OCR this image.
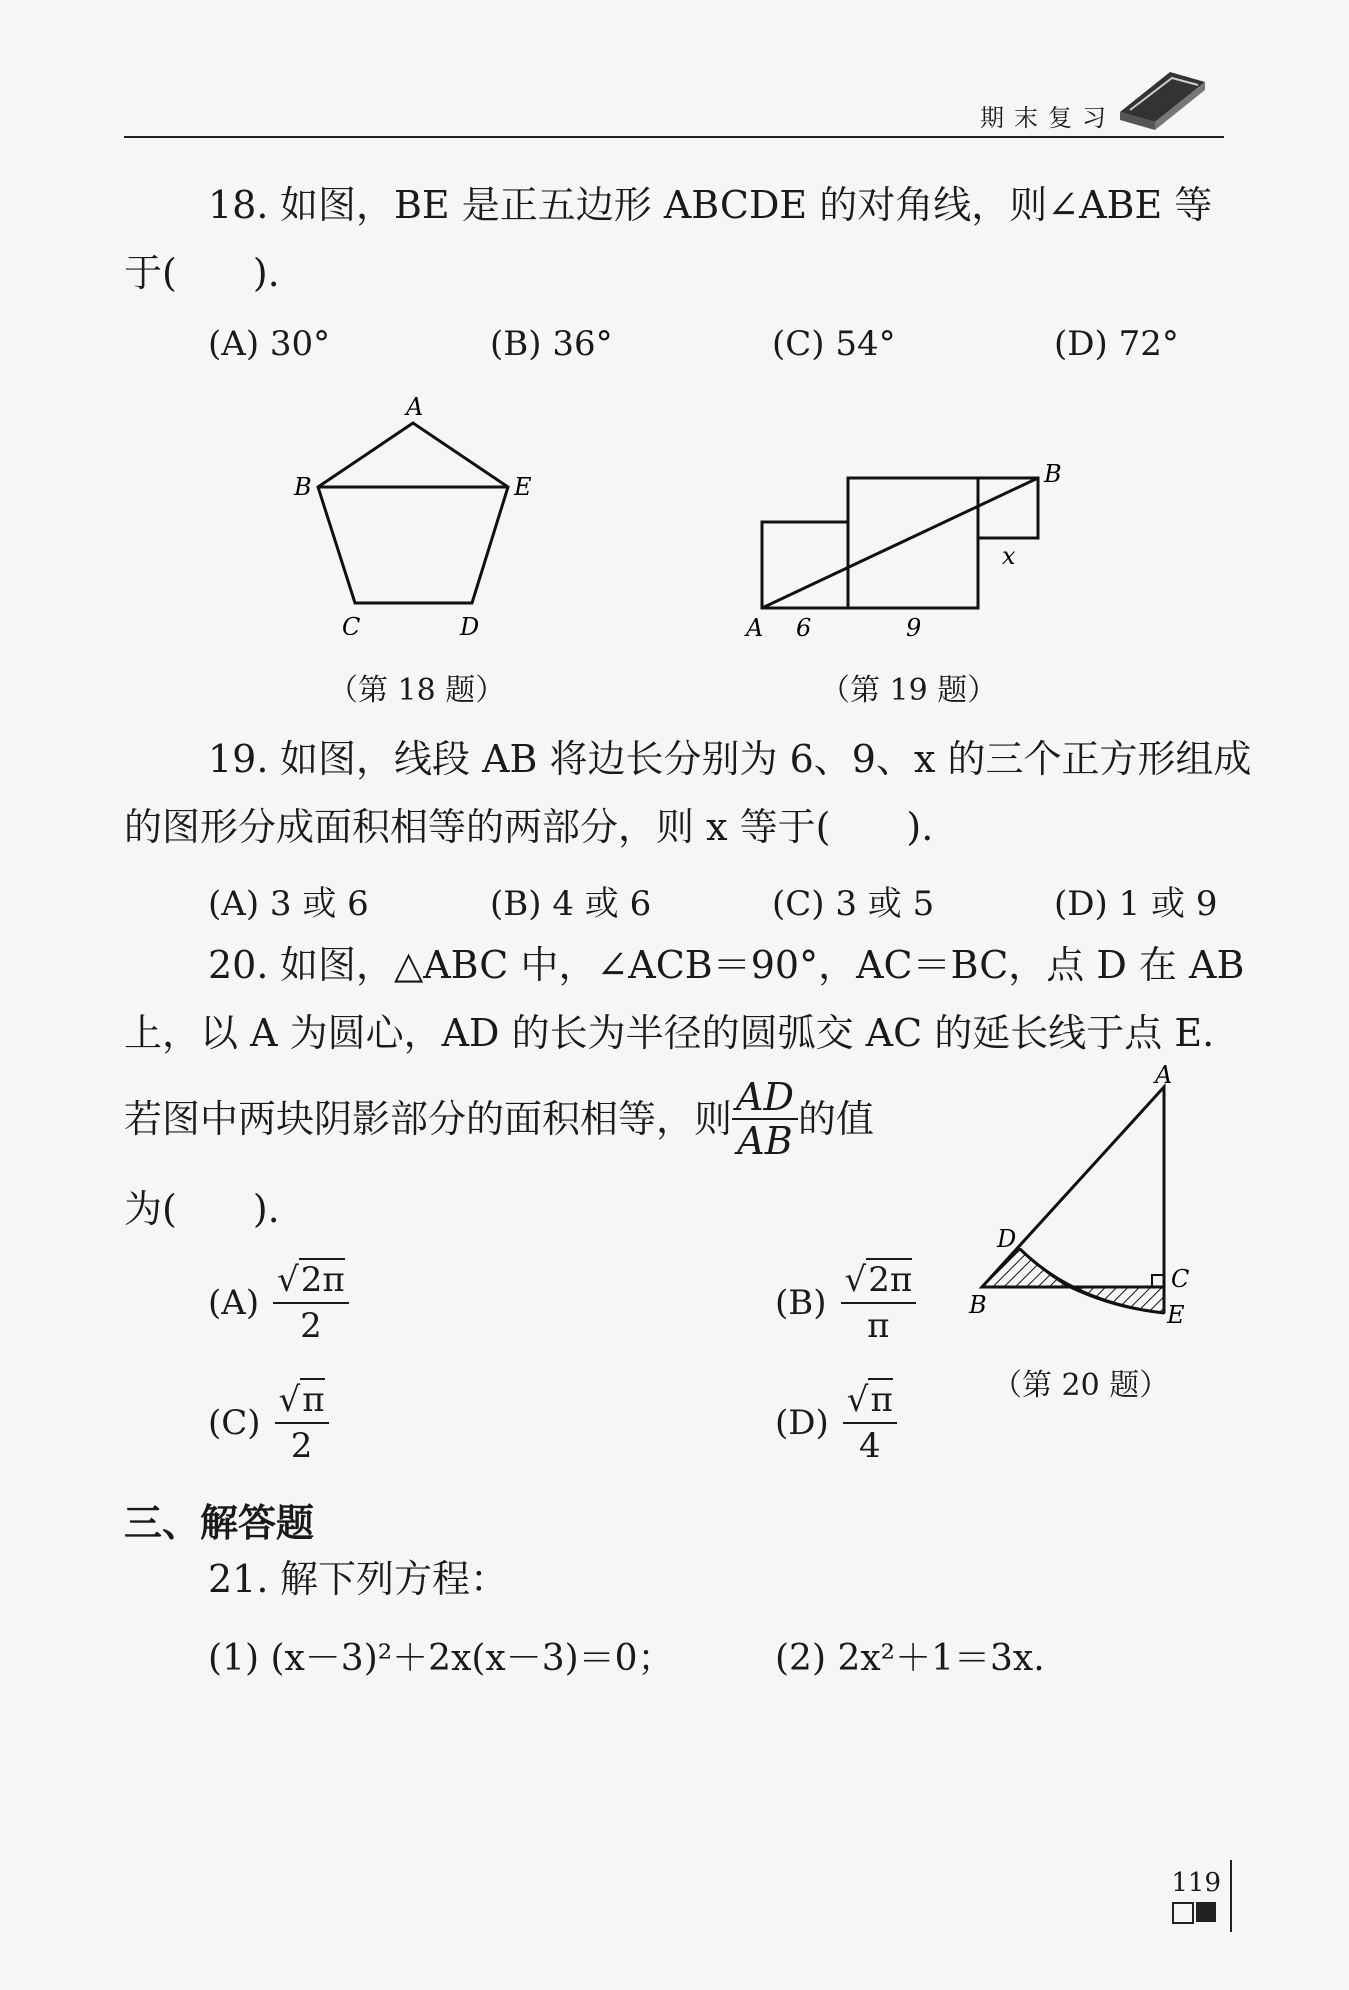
期末复习
18. 如图，BE 是正五边形 ABCDE 的对角线，则∠ABE 等
于(　　).
(A) 30°	(B) 36°	(C) 54°	(D) 72°
A
B
C	D
E
（第 18 题）
A
B
6	9
x
（第 19 题）
19. 如图，线段 AB 将边长分别为 6、9、x 的三个正方形组成
的图形分成面积相等的两部分，则 x 等于(　　).
(A) 3 或 6	(B) 4 或 6	(C) 3 或 5	(D) 1 或 9
20. 如图，△ABC 中，∠ACB＝90°，AC＝BC，点 D 在 AB
上，以 A 为圆心，AD 的长为半径的圆弧交 AC 的延长线于点 E.
若图中两块阴影部分的面积相等，则 $\frac{AD}{AB}$ 的值
为(　　).
$(A) \frac{√2\pi}{2}$	$(B) \frac{√2\pi}{\pi}$
$(C) \frac{√\pi}{2}$	$(D) \frac{√\pi}{4}$
A
B
C
D
E
（第 20 题）
三、解答题
21. 解下列方程：
(1) (x－3)²＋2x(x－3)＝0；	(2) 2x²＋1＝3x.
119
